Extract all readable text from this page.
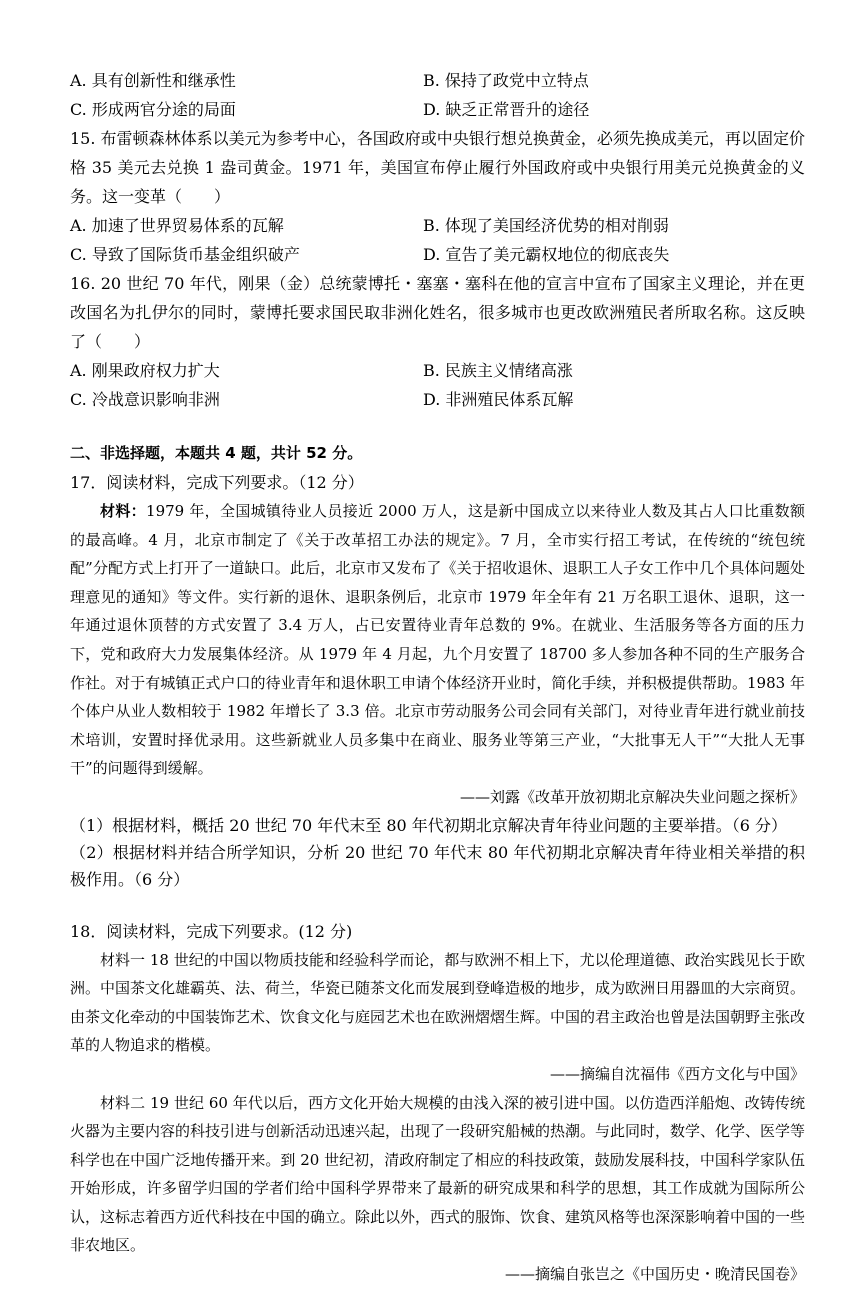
A. 具有创新性和继承性	B. 保持了政党中立特点
C. 形成两官分途的局面	D. 缺乏正常晋升的途径

15. 布雷顿森林体系以美元为参考中心，各国政府或中央银行想兑换黄金，必须先换成美元，再以固定价格 35 美元去兑换 1 盎司黄金。1971 年，美国宣布停止履行外国政府或中央银行用美元兑换黄金的义务。这一变革（　　）

A. 加速了世界贸易体系的瓦解	B. 体现了美国经济优势的相对削弱
C. 导致了国际货币基金组织破产	D. 宣告了美元霸权地位的彻底丧失

16. 20 世纪 70 年代，刚果（金）总统蒙博托・塞塞・塞科在他的宣言中宣布了国家主义理论，并在更改国名为扎伊尔的同时，蒙博托要求国民取非洲化姓名，很多城市也更改欧洲殖民者所取名称。这反映了（　　）

A. 刚果政府权力扩大	B. 民族主义情绪高涨
C. 冷战意识影响非洲	D. 非洲殖民体系瓦解
二、非选择题，本题共 4 题，共计 52 分。
17．阅读材料，完成下列要求。（12 分）

材料：1979 年，全国城镇待业人员接近 2000 万人，这是新中国成立以来待业人数及其占人口比重数额的最高峰。4 月，北京市制定了《关于改革招工办法的规定》。7 月，全市实行招工考试，在传统的“统包统配”分配方式上打开了一道缺口。此后，北京市又发布了《关于招收退休、退职工人子女工作中几个具体问题处理意见的通知》等文件。实行新的退休、退职条例后，北京市 1979 年全年有 21 万名职工退休、退职，这一年通过退休顶替的方式安置了 3.4 万人，占已安置待业青年总数的 9%。在就业、生活服务等各方面的压力下，党和政府大力发展集体经济。从 1979 年 4 月起，九个月安置了 18700 多人参加各种不同的生产服务合作社。对于有城镇正式户口的待业青年和退休职工申请个体经济开业时，简化手续，并积极提供帮助。1983 年个体户从业人数相较于 1982 年增长了 3.3 倍。北京市劳动服务公司会同有关部门，对待业青年进行就业前技术培训，安置时择优录用。这些新就业人员多集中在商业、服务业等第三产业，“大批事无人干”“大批人无事干”的问题得到缓解。

——刘露《改革开放初期北京解决失业问题之探析》

（1）根据材料，概括 20 世纪 70 年代末至 80 年代初期北京解决青年待业问题的主要举措。（6 分）

（2）根据材料并结合所学知识，分析 20 世纪 70 年代末 80 年代初期北京解决青年待业相关举措的积极作用。（6 分）

18．阅读材料，完成下列要求。(12 分)

材料一 18 世纪的中国以物质技能和经验科学而论，都与欧洲不相上下，尤以伦理道德、政治实践见长于欧洲。中国茶文化雄霸英、法、荷兰，华瓷已随茶文化而发展到登峰造极的地步，成为欧洲日用器皿的大宗商贸。由茶文化牵动的中国装饰艺术、饮食文化与庭园艺术也在欧洲熠熠生辉。中国的君主政治也曾是法国朝野主张改革的人物追求的楷模。

——摘编自沈福伟《西方文化与中国》

材料二 19 世纪 60 年代以后，西方文化开始大规模的由浅入深的被引进中国。以仿造西洋船炮、改铸传统火器为主要内容的科技引进与创新活动迅速兴起，出现了一段研究船械的热潮。与此同时，数学、化学、医学等科学也在中国广泛地传播开来。到 20 世纪初，清政府制定了相应的科技政策，鼓励发展科技，中国科学家队伍开始形成，许多留学归国的学者们给中国科学界带来了最新的研究成果和科学的思想，其工作成就为国际所公认，这标志着西方近代科技在中国的确立。除此以外，西式的服饰、饮食、建筑风格等也深深影响着中国的一些非农地区。

——摘编自张岂之《中国历史・晚清民国卷》
